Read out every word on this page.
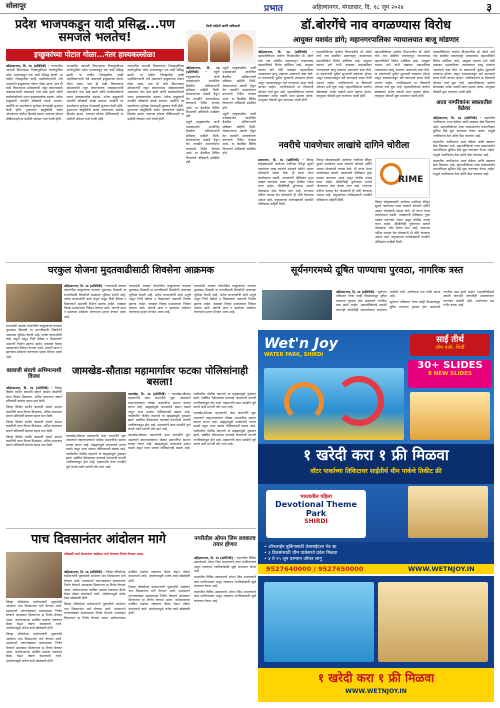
सोलापूर	प्रभात	अहिल्यानगर, मंगळवार, दि. १८ जून २०२४	३
प्रदेश भाजपकडून यादी प्रसिद्ध...पण समजले भलतेच!
इच्छुकांच्या पोटात गोळा...नंतर हास्यकल्लोळ!

अहिल्यानगर, दि. १७ (प्रतिनिधी) - राज्यातील आगामी विधानसभा निवडणुकीच्या पार्श्वभूमीवर प्रदेश भाजपकडून एक यादी प्रसिद्ध झाली. या यादीत जिल्ह्यातील काही पदाधिकाऱ्यांची नावे असल्याने इच्छुकांच्या पोटात गोळा आला. मात्र ही यादी विधानसभा उमेदवारांची नसून संघटनात्मक जबाबदाऱ्यांची असल्याचे नंतर स्पष्ट झाले आणि कार्यकर्त्यांमध्ये एकच हास्यकल्लोळ उडाला. अनेक इच्छुकांनी तातडीने वरिष्ठांशी संपर्क साधला. काहींनी तर समर्थकांना शुभेच्छा देण्यासही सुरुवात केली होती. दुपारनंतर वस्तुस्थिती समोर आल्यानंतर सर्वांचा हिरमोड झाला. पक्षाच्या सोशल मीडियावरही या यादीची जोरदार चर्चा रंगली होती.

राज्यातील आगामी विधानसभा निवडणुकीच्या पार्श्वभूमीवर प्रदेश भाजपकडून एक यादी प्रसिद्ध झाली. या यादीत जिल्ह्यातील काही पदाधिकाऱ्यांची नावे असल्याने इच्छुकांच्या पोटात गोळा आला. मात्र ही यादी विधानसभा उमेदवारांची नसून संघटनात्मक जबाबदाऱ्यांची असल्याचे नंतर स्पष्ट झाले आणि कार्यकर्त्यांमध्ये एकच हास्यकल्लोळ उडाला. अनेक इच्छुकांनी तातडीने वरिष्ठांशी संपर्क साधला. काहींनी तर समर्थकांना शुभेच्छा देण्यासही सुरुवात केली होती. दुपारनंतर वस्तुस्थिती समोर आल्यानंतर सर्वांचा हिरमोड झाला. पक्षाच्या सोशल मीडियावरही या यादीची जोरदार चर्चा रंगली होती.

राज्यातील आगामी विधानसभा निवडणुकीच्या पार्श्वभूमीवर प्रदेश भाजपकडून एक यादी प्रसिद्ध झाली. या यादीत जिल्ह्यातील काही पदाधिकाऱ्यांची नावे असल्याने इच्छुकांच्या पोटात गोळा आला. मात्र ही यादी विधानसभा उमेदवारांची नसून संघटनात्मक जबाबदाऱ्यांची असल्याचे नंतर स्पष्ट झाले आणि कार्यकर्त्यांमध्ये एकच हास्यकल्लोळ उडाला. अनेक इच्छुकांनी तातडीने वरिष्ठांशी संपर्क साधला. काहींनी तर समर्थकांना शुभेच्छा देण्यासही सुरुवात केली होती. दुपारनंतर वस्तुस्थिती समोर आल्यानंतर सर्वांचा हिरमोड झाला. पक्षाच्या सोशल मीडियावरही या यादीची जोरदार चर्चा रंगली होती.

दिली माहिती आणि अधिकारी

अहिल्यानगर, दि. १७ (प्रतिनिधी) - राहुरी तालुक्यातील पाणी प्रश्नासंदर्भात आयोजित बैठकीत अधिकाऱ्यांनी सविस्तर माहिती दिली. शेतकऱ्यांच्या तक्रारी ऐकून घेत तातडीने उपाययोजना करण्याचे निर्देश देण्यात आले. या बैठकीस विविध विभागांचे अधिकारी उपस्थित होते.

राहुरी तालुक्यातील पाणी प्रश्नासंदर्भात आयोजित बैठकीत अधिकाऱ्यांनी सविस्तर माहिती दिली. शेतकऱ्यांच्या तक्रारी ऐकून घेत तातडीने उपाययोजना करण्याचे निर्देश देण्यात आले. या बैठकीस विविध विभागांचे अधिकारी उपस्थित होते.

राहुरी तालुक्यातील पाणी प्रश्नासंदर्भात आयोजित बैठकीत अधिकाऱ्यांनी सविस्तर माहिती दिली. शेतकऱ्यांच्या तक्रारी ऐकून घेत तातडीने उपाययोजना करण्याचे निर्देश देण्यात आले. या बैठकीस विविध विभागांचे अधिकारी उपस्थित होते.

राहुरी तालुक्यातील पाणी प्रश्नासंदर्भात आयोजित बैठकीत अधिकाऱ्यांनी सविस्तर माहिती दिली. शेतकऱ्यांच्या तक्रारी ऐकून घेत तातडीने उपाययोजना करण्याचे निर्देश देण्यात आले. या बैठकीस विविध विभागांचे अधिकारी उपस्थित होते.

डॉ.बोरगेंचे नाव वगळण्यास विरोध
आयुक्त यशवंत डांगे; महानगरपालिका न्यायालयात बाजू मांडणार

अहिल्यानगर, दि. १७ (प्रतिनिधी) - महापालिकेच्या आरोग्य विभागातील डॉ. बोरगे यांचे नाव संबंधित प्रकरणातून वगळण्यास महापालिकेने विरोध दर्शविला आहे. आयुक्त यशवंत डांगे यांनी याबाबत महापालिका न्यायालयात बाजू मांडणार असल्याचे स्पष्ट केले. या प्रकरणाची पुढील सुनावणी लवकरच होणार असून प्रशासनाकडून सर्व कागदपत्रे सादर केली जाणार आहेत. नागरिकांमध्ये या विषयाची जोरदार चर्चा सुरू आहे. महापालिकेच्या आरोग्य सेवांबाबत अनेक तक्रारी प्राप्त झाल्या होत्या. त्यानुसार चौकशी सुरू करण्यात आली होती.

महापालिकेच्या आरोग्य विभागातील डॉ. बोरगे यांचे नाव संबंधित प्रकरणातून वगळण्यास महापालिकेने विरोध दर्शविला आहे. आयुक्त यशवंत डांगे यांनी याबाबत महापालिका न्यायालयात बाजू मांडणार असल्याचे स्पष्ट केले. या प्रकरणाची पुढील सुनावणी लवकरच होणार असून प्रशासनाकडून सर्व कागदपत्रे सादर केली जाणार आहेत. नागरिकांमध्ये या विषयाची जोरदार चर्चा सुरू आहे. महापालिकेच्या आरोग्य सेवांबाबत अनेक तक्रारी प्राप्त झाल्या होत्या. त्यानुसार चौकशी सुरू करण्यात आली होती.

महापालिकेच्या आरोग्य विभागातील डॉ. बोरगे यांचे नाव संबंधित प्रकरणातून वगळण्यास महापालिकेने विरोध दर्शविला आहे. आयुक्त यशवंत डांगे यांनी याबाबत महापालिका न्यायालयात बाजू मांडणार असल्याचे स्पष्ट केले. या प्रकरणाची पुढील सुनावणी लवकरच होणार असून प्रशासनाकडून सर्व कागदपत्रे सादर केली जाणार आहेत. नागरिकांमध्ये या विषयाची जोरदार चर्चा सुरू आहे. महापालिकेच्या आरोग्य सेवांबाबत अनेक तक्रारी प्राप्त झाल्या होत्या. त्यानुसार चौकशी सुरू करण्यात आली होती.

महापालिकेच्या आरोग्य विभागातील डॉ. बोरगे यांचे नाव संबंधित प्रकरणातून वगळण्यास महापालिकेने विरोध दर्शविला आहे. आयुक्त यशवंत डांगे यांनी याबाबत महापालिका न्यायालयात बाजू मांडणार असल्याचे स्पष्ट केले. या प्रकरणाची पुढील सुनावणी लवकरच होणार असून प्रशासनाकडून सर्व कागदपत्रे सादर केली जाणार आहेत. नागरिकांमध्ये या विषयाची जोरदार चर्चा सुरू आहे. महापालिकेच्या आरोग्य सेवांबाबत अनेक तक्रारी प्राप्त झाल्या होत्या. त्यानुसार चौकशी सुरू करण्यात आली होती.

आता नागरिकांना स्वस्तातील वेळेवर

अहिल्यानगर, दि. १७ (प्रतिनिधी) - शहरातील नागरिकांना आता वेळेवर आणि स्वस्तात सेवा मिळणार आहे. महापालिकेच्या नव्या उपक्रमांतर्गत प्रभागनिहाय सुविधा केंद्रे सुरू करण्यात येणार आहेत. यामुळे नागरिकांचा वेळ आणि पैसा वाचणार आहे.

शहरातील नागरिकांना आता वेळेवर आणि स्वस्तात सेवा मिळणार आहे. महापालिकेच्या नव्या उपक्रमांतर्गत प्रभागनिहाय सुविधा केंद्रे सुरू करण्यात येणार आहेत. यामुळे नागरिकांचा वेळ आणि पैसा वाचणार आहे.

शहरातील नागरिकांना आता वेळेवर आणि स्वस्तात सेवा मिळणार आहे. महापालिकेच्या नव्या उपक्रमांतर्गत प्रभागनिहाय सुविधा केंद्रे सुरू करण्यात येणार आहेत. यामुळे नागरिकांचा वेळ आणि पैसा वाचणार आहे.

नवरीचे पावणेचार लाखांचे दागिने चोरीला

प्रवरानगर, दि. १७ (प्रतिनिधी) - विवाह सोहळ्यासाठी आलेल्या नवरीच्या बॅगेतून सुमारे पावणेचार लाख रुपयांचे सोन्याचे दागिने अज्ञात चोरट्यांनी लंपास केले. ही घटना मंगल कार्यालयात घडली. याप्रकरणी पोलिसांत गुन्हा दाखल करण्यात आला असून पोलीस तपास करत आहेत. सीसीटीव्ही फुटेजच्या आधारे चोरट्यांचा शोध घेतला जात आहे. लग्नाच्या गर्दीचा फायदा घेत चोरट्यांनी ही चोरी केल्याचा अंदाज आहे. वधूपक्षाच्या नातेवाइकांनी तातडीने पोलिसांना माहिती दिली.

विवाह सोहळ्यासाठी आलेल्या नवरीच्या बॅगेतून सुमारे पावणेचार लाख रुपयांचे सोन्याचे दागिने अज्ञात चोरट्यांनी लंपास केले. ही घटना मंगल कार्यालयात घडली. याप्रकरणी पोलिसांत गुन्हा दाखल करण्यात आला असून पोलीस तपास करत आहेत. सीसीटीव्ही फुटेजच्या आधारे चोरट्यांचा शोध घेतला जात आहे. लग्नाच्या गर्दीचा फायदा घेत चोरट्यांनी ही चोरी केल्याचा अंदाज आहे. वधूपक्षाच्या नातेवाइकांनी तातडीने पोलिसांना माहिती दिली.

RIME

विवाह सोहळ्यासाठी आलेल्या नवरीच्या बॅगेतून सुमारे पावणेचार लाख रुपयांचे सोन्याचे दागिने अज्ञात चोरट्यांनी लंपास केले. ही घटना मंगल कार्यालयात घडली. याप्रकरणी पोलिसांत गुन्हा दाखल करण्यात आला असून पोलीस तपास करत आहेत. सीसीटीव्ही फुटेजच्या आधारे चोरट्यांचा शोध घेतला जात आहे. लग्नाच्या गर्दीचा फायदा घेत चोरट्यांनी ही चोरी केल्याचा अंदाज आहे. वधूपक्षाच्या नातेवाइकांनी तातडीने पोलिसांना माहिती दिली.

घरकुल योजना मुदतवाढीसाठी शिवसेना आक्रमक

अहिल्यानगर, दि. १७ (प्रतिनिधी) - प्रधानमंत्री आवास योजनेतील घरकुलांच्या कामांना मुदतवाढ मिळावी या मागणीसाठी शिवसेनेने आक्रमक भूमिका घेतली आहे. अनेक लाभार्थ्यांची कामे अपूर्ण असून निधी वेळेवर न मिळाल्याने अडचणी निर्माण झाल्या आहेत. याबाबत जिल्हा प्रशासनाला निवेदन देण्यात आले. मागणी मान्य न झाल्यास आंदोलन करण्याचा इशारा देण्यात आला आहे.

प्रधानमंत्री आवास योजनेतील घरकुलांच्या कामांना मुदतवाढ मिळावी या मागणीसाठी शिवसेनेने आक्रमक भूमिका घेतली आहे. अनेक लाभार्थ्यांची कामे अपूर्ण असून निधी वेळेवर न मिळाल्याने अडचणी निर्माण झाल्या आहेत. याबाबत जिल्हा प्रशासनाला निवेदन देण्यात आले. मागणी मान्य न झाल्यास आंदोलन करण्याचा इशारा देण्यात आला आहे.

प्रधानमंत्री आवास योजनेतील घरकुलांच्या कामांना मुदतवाढ मिळावी या मागणीसाठी शिवसेनेने आक्रमक भूमिका घेतली आहे. अनेक लाभार्थ्यांची कामे अपूर्ण असून निधी वेळेवर न मिळाल्याने अडचणी निर्माण झाल्या आहेत. याबाबत जिल्हा प्रशासनाला निवेदन देण्यात आले. मागणी मान्य न झाल्यास आंदोलन करण्याचा इशारा देण्यात आला आहे.

प्रधानमंत्री आवास योजनेतील घरकुलांच्या कामांना मुदतवाढ मिळावी या मागणीसाठी शिवसेनेने आक्रमक भूमिका घेतली आहे. अनेक लाभार्थ्यांची कामे अपूर्ण असून निधी वेळेवर न मिळाल्याने अडचणी निर्माण झाल्या आहेत. याबाबत जिल्हा प्रशासनाला निवेदन देण्यात आले. मागणी मान्य न झाल्यास आंदोलन करण्याचा इशारा देण्यात आला आहे.

सूर्यनगरमध्ये दूषित पाण्याचा पुरवठा, नागरिक त्रस्त

अहिल्यानगर, दि. १७ (प्रतिनिधी) - सूर्यनगर परिसरात गेल्या काही दिवसांपासून दूषित पाण्याचा पुरवठा होत असल्याने नागरिक त्रस्त झाले आहेत. महापालिकेकडे तक्रारी करूनही कोणतीही उपाययोजना करण्यात आलेली नाही. आरोग्याचा प्रश्न गंभीर बनला आहे.

सूर्यनगर परिसरात गेल्या काही दिवसांपासून दूषित पाण्याचा पुरवठा होत असल्याने नागरिक त्रस्त झाले आहेत. महापालिकेकडे तक्रारी करूनही कोणतीही उपाययोजना करण्यात आलेली नाही. आरोग्याचा प्रश्न गंभीर बनला आहे.

बालाजी संघाचे अभिमानाशी विजय

अहिल्यानगर, दि. १७ (प्रतिनिधी) - जिल्हा क्रिकेट स्पर्धेत बालाजी संघाने दमदार कामगिरी करत विजय मिळवला. अंतिम सामन्यात संघाने प्रतिस्पर्धी संघावर सहज मात केली.

जिल्हा क्रिकेट स्पर्धेत बालाजी संघाने दमदार कामगिरी करत विजय मिळवला. अंतिम सामन्यात संघाने प्रतिस्पर्धी संघावर सहज मात केली.

जिल्हा क्रिकेट स्पर्धेत बालाजी संघाने दमदार कामगिरी करत विजय मिळवला. अंतिम सामन्यात संघाने प्रतिस्पर्धी संघावर सहज मात केली.

जिल्हा क्रिकेट स्पर्धेत बालाजी संघाने दमदार कामगिरी करत विजय मिळवला. अंतिम सामन्यात संघाने प्रतिस्पर्धी संघावर सहज मात केली.

जामखेड-सौताडा महामार्गावर फटका पोलिसांनाही बसला!

जामखेड, दि. १७ (प्रतिनिधी) - जामखेड-सौताडा महामार्गाचे काम संथगतीने सुरू असल्याने वाहनचालकांना मोठ्या अडचणींचा सामना करावा लागत आहे. खड्ड्यांमुळे अपघातांचे प्रमाण वाढले असून याचा फटका पोलिसांनाही बसला आहे. गस्तीवरील पोलीस वाहनाचे या खड्ड्यांमुळे नुकसान झाले. संबंधित ठेकेदारावर कारवाई करण्याची मागणी नागरिकांकडून होत आहे. महामार्गाचे काम तातडीने पूर्ण करावे अशी मागणी जोर धरत आहे.

जामखेड-सौताडा महामार्गाचे काम संथगतीने सुरू असल्याने वाहनचालकांना मोठ्या अडचणींचा सामना करावा लागत आहे. खड्ड्यांमुळे अपघातांचे प्रमाण वाढले असून याचा फटका पोलिसांनाही बसला आहे. गस्तीवरील पोलीस वाहनाचे या खड्ड्यांमुळे नुकसान झाले. संबंधित ठेकेदारावर कारवाई करण्याची मागणी नागरिकांकडून होत आहे. महामार्गाचे काम तातडीने पूर्ण करावे अशी मागणी जोर धरत आहे.

जामखेड-सौताडा महामार्गाचे काम संथगतीने सुरू असल्याने वाहनचालकांना मोठ्या अडचणींचा सामना करावा लागत आहे. खड्ड्यांमुळे अपघातांचे प्रमाण वाढले असून याचा फटका पोलिसांनाही बसला आहे. गस्तीवरील पोलीस वाहनाचे या खड्ड्यांमुळे नुकसान झाले. संबंधित ठेकेदारावर कारवाई करण्याची मागणी नागरिकांकडून होत आहे. महामार्गाचे काम तातडीने पूर्ण करावे अशी मागणी जोर धरत आहे.

जामखेड-सौताडा महामार्गाचे काम संथगतीने सुरू असल्याने वाहनचालकांना मोठ्या अडचणींचा सामना करावा लागत आहे. खड्ड्यांमुळे अपघातांचे प्रमाण वाढले असून याचा फटका पोलिसांनाही बसला आहे. गस्तीवरील पोलीस वाहनाचे या खड्ड्यांमुळे नुकसान झाले. संबंधित ठेकेदारावर कारवाई करण्याची मागणी नागरिकांकडून होत आहे. महामार्गाचे काम तातडीने पूर्ण करावे अशी मागणी जोर धरत आहे.

Wet'n Joy
WATER PARK, SHIRDI
साईं तीर्थ
थीम पार्क, शिर्डी
30+ SLIDES
8 NEW SLIDES
१ खरेदी करा १ फ्री मिळवा
वॉटर पार्काच्या तिकिटावर साईंतीर्थ थीम पार्कचे तिकीट फ्री
भारतातील पहिला
Devotional Theme Park
SHIRDI
• ऑनलाईन बुकिंगसाठी वेबसाईटला भेट द्या
• ३ दिवसांसाठी थीम पार्कमध्ये प्रवेश मिळवा
• ४ ते १५ जून दरम्यान ऑफर लागू
9527640000 / 9527650000	WWW.WETNJOY.IN
पाच दिवसानंतर आंदोलन मागे
वरिष्ठांशी चर्चा केल्यानंतर आंदोलन मागे घेण्याचा निर्णय घेण्यात आला.

अहिल्यानगर, दि. १७ (प्रतिनिधी) - जिल्हा परिषदेच्या कर्मचाऱ्यांनी पुकारलेले आंदोलन पाच दिवसानंतर मागे घेण्यात आले. प्रशासनाने मागण्यांबाबत सकारात्मक निर्णय घेण्याचे आश्वासन दिल्यानंतर हा निर्णय घेण्यात आला. कर्मचाऱ्यांच्या प्रलंबित प्रश्नांवर लवकरच बैठक घेऊन तोडगा काढण्याचे ठरले. आंदोलनामुळे अनेक कामे खोळंबली होती.

जिल्हा परिषदेच्या कर्मचाऱ्यांनी पुकारलेले आंदोलन पाच दिवसानंतर मागे घेण्यात आले. प्रशासनाने मागण्यांबाबत सकारात्मक निर्णय घेण्याचे आश्वासन दिल्यानंतर हा निर्णय घेण्यात आला. कर्मचाऱ्यांच्या प्रलंबित प्रश्नांवर लवकरच बैठक घेऊन तोडगा काढण्याचे ठरले. आंदोलनामुळे अनेक कामे खोळंबली होती.

जिल्हा परिषदेच्या कर्मचाऱ्यांनी पुकारलेले आंदोलन पाच दिवसानंतर मागे घेण्यात आले. प्रशासनाने मागण्यांबाबत सकारात्मक निर्णय घेण्याचे आश्वासन दिल्यानंतर हा निर्णय घेण्यात आला. कर्मचाऱ्यांच्या प्रलंबित प्रश्नांवर लवकरच बैठक घेऊन तोडगा काढण्याचे ठरले. आंदोलनामुळे अनेक कामे खोळंबली होती.

जिल्हा परिषदेच्या कर्मचाऱ्यांनी पुकारलेले आंदोलन पाच दिवसानंतर मागे घेण्यात आले. प्रशासनाने मागण्यांबाबत सकारात्मक निर्णय घेण्याचे आश्वासन दिल्यानंतर हा निर्णय घेण्यात आला. कर्मचाऱ्यांच्या प्रलंबित प्रश्नांवर लवकरच बैठक घेऊन तोडगा काढण्याचे ठरले. आंदोलनामुळे अनेक कामे खोळंबली होती.

जिल्हा परिषदेच्या कर्मचाऱ्यांनी पुकारलेले आंदोलन पाच दिवसानंतर मागे घेण्यात आले. प्रशासनाने मागण्यांबाबत सकारात्मक निर्णय घेण्याचे आश्वासन दिल्यानंतर हा निर्णय घेण्यात आला. कर्मचाऱ्यांच्या प्रलंबित प्रश्नांवर लवकरच बैठक घेऊन तोडगा काढण्याचे ठरले. आंदोलनामुळे अनेक कामे खोळंबली होती.

नगरीतील ओपन जिम लवकरच तयार होणार

अहिल्यानगर, दि. १७ (प्रतिनिधी) - शहरातील विविध उद्यानांमध्ये ओपन जिम उभारण्याचे काम प्रगतिपथावर असून लवकरच नागरिकांसाठी खुले करण्यात येणार आहे.

शहरातील विविध उद्यानांमध्ये ओपन जिम उभारण्याचे काम प्रगतिपथावर असून लवकरच नागरिकांसाठी खुले करण्यात येणार आहे.

शहरातील विविध उद्यानांमध्ये ओपन जिम उभारण्याचे काम प्रगतिपथावर असून लवकरच नागरिकांसाठी खुले करण्यात येणार आहे.

१ खरेदी करा १ फ्री मिळवा
WWW.WETNJOY.IN
